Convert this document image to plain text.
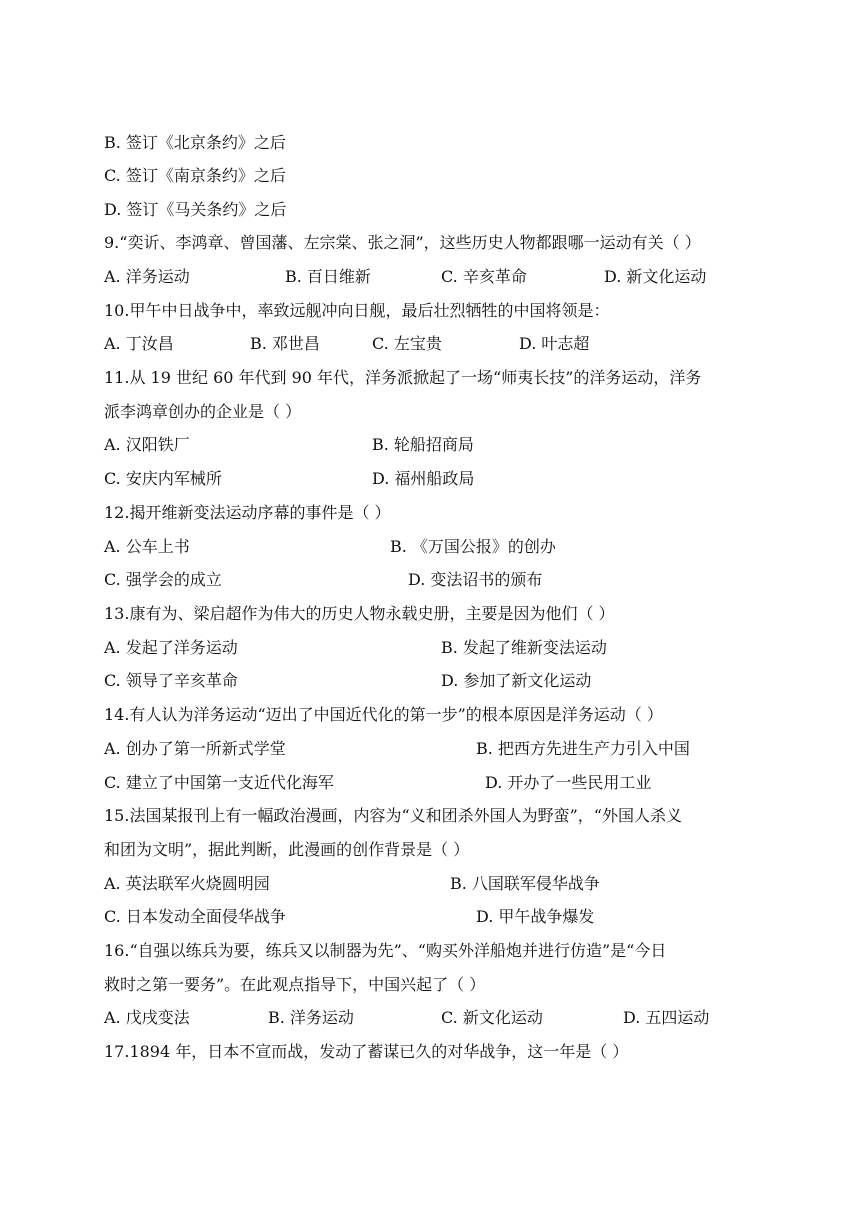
B. 签订《北京条约》之后
C. 签订《南京条约》之后
D. 签订《马关条约》之后
9.“奕䜣、李鸿章、曾国藩、左宗棠、张之洞”，这些历史人物都跟哪一运动有关（ ）
A. 洋务运动	B. 百日维新	C. 辛亥革命	D. 新文化运动
10.甲午中日战争中，率致远舰冲向日舰，最后壮烈牺牲的中国将领是：
A. 丁汝昌	B. 邓世昌	C. 左宝贵	D. 叶志超
11.从 19 世纪 60 年代到 90 年代，洋务派掀起了一场“师夷长技”的洋务运动，洋务
派李鸿章创办的企业是（ ）
A. 汉阳铁厂	B. 轮船招商局
C. 安庆内军械所	D. 福州船政局
12.揭开维新变法运动序幕的事件是（ ）
A. 公车上书	B. 《万国公报》的创办
C. 强学会的成立	D. 变法诏书的颁布
13.康有为、梁启超作为伟大的历史人物永载史册，主要是因为他们（ ）
A. 发起了洋务运动	B. 发起了维新变法运动
C. 领导了辛亥革命	D. 参加了新文化运动
14.有人认为洋务运动“迈出了中国近代化的第一步”的根本原因是洋务运动（ ）
A. 创办了第一所新式学堂	B. 把西方先进生产力引入中国
C. 建立了中国第一支近代化海军	D. 开办了一些民用工业
15.法国某报刊上有一幅政治漫画，内容为“义和团杀外国人为野蛮”，“外国人杀义
和团为文明”，据此判断，此漫画的创作背景是（ ）
A. 英法联军火烧圆明园	B. 八国联军侵华战争
C. 日本发动全面侵华战争	D. 甲午战争爆发
16.“自强以练兵为要，练兵又以制器为先”、“购买外洋船炮并进行仿造”是“今日
救时之第一要务”。在此观点指导下，中国兴起了（ ）
A. 戊戌变法	B. 洋务运动	C. 新文化运动	D. 五四运动
17.1894 年，日本不宣而战，发动了蓄谋已久的对华战争，这一年是（ ）
